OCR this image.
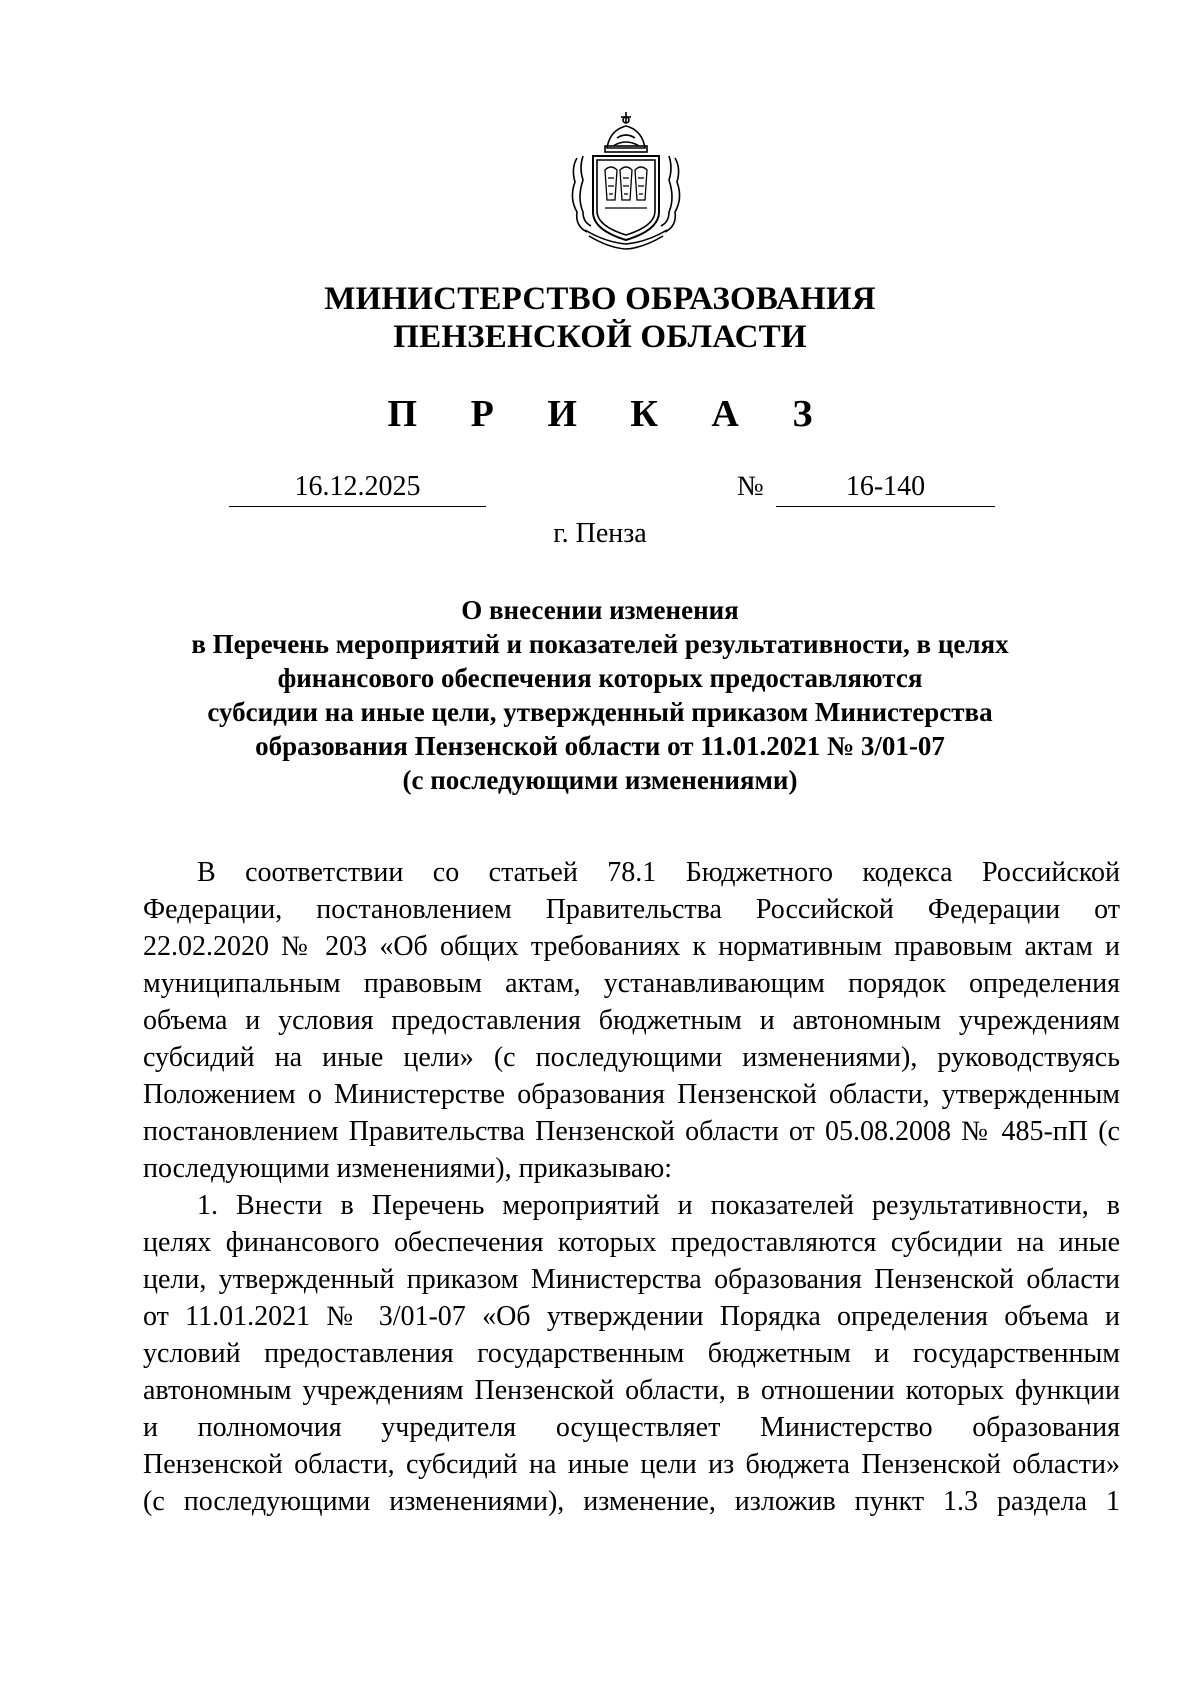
МИНИСТЕРСТВО ОБРАЗОВАНИЯ
ПЕНЗЕНСКОЙ ОБЛАСТИ
П Р И К А З
16.12.2025	№	16-140
г. Пенза
О внесении изменения
в Перечень мероприятий и показателей результативности, в целях
финансового обеспечения которых предоставляются
субсидии на иные цели, утвержденный приказом Министерства
образования Пензенской области от 11.01.2021 № 3/01-07
(с последующими изменениями)
В соответствии со статьей 78.1 Бюджетного кодекса Российской
Федерации, постановлением Правительства Российской Федерации от
22.02.2020 № 203 «Об общих требованиях к нормативным правовым актам и
муниципальным правовым актам, устанавливающим порядок определения
объема и условия предоставления бюджетным и автономным учреждениям
субсидий на иные цели» (с последующими изменениями), руководствуясь
Положением о Министерстве образования Пензенской области, утвержденным
постановлением Правительства Пензенской области от 05.08.2008 № 485-пП (с
последующими изменениями), приказываю:
1. Внести в Перечень мероприятий и показателей результативности, в
целях финансового обеспечения которых предоставляются субсидии на иные
цели, утвержденный приказом Министерства образования Пензенской области
от 11.01.2021 № 3/01-07 «Об утверждении Порядка определения объема и
условий предоставления государственным бюджетным и государственным
автономным учреждениям Пензенской области, в отношении которых функции
и полномочия учредителя осуществляет Министерство образования
Пензенской области, субсидий на иные цели из бюджета Пензенской области»
(с последующими изменениями), изменение, изложив пункт 1.3 раздела 1
